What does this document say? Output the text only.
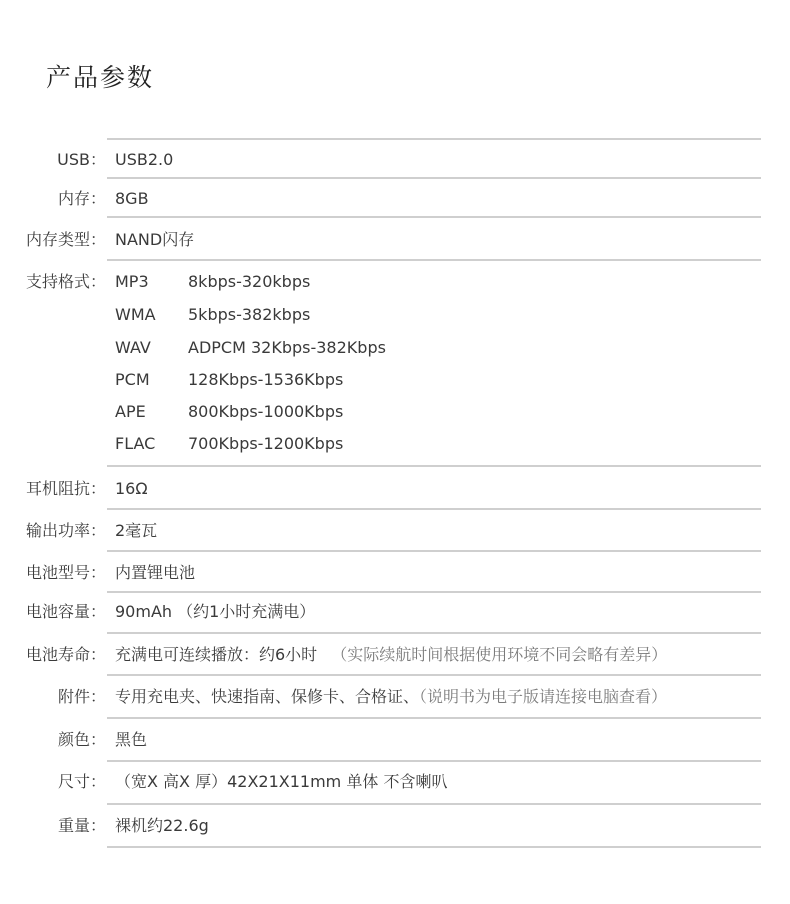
产品参数
USB： USB2.0
内存： 8GB
内存类型： NAND闪存
支持格式： MP3 8kbps-320kbps
WMA 5kbps-382kbps
WAV ADPCM 32Kbps-382Kbps
PCM 128Kbps-1536Kbps
APE	800Kbps-1000Kbps
FLAC 700Kbps-1200Kbps
耳机阻抗： 16Ω
输出功率： 2毫瓦
电池型号： 内置锂电池
电池容量： 90mAh （约1小时充满电）
电池寿命： 充满电可连续播放：约6小时 （实际续航时间根据使用环境不同会略有差异）
附件： 专用充电夹、快速指南、保修卡、合格证、（说明书为电子版请连接电脑查看）
颜色： 黑色
尺寸： （宽X 高X 厚）42X21X11mm 单体 不含喇叭
重量： 裸机约22.6g
